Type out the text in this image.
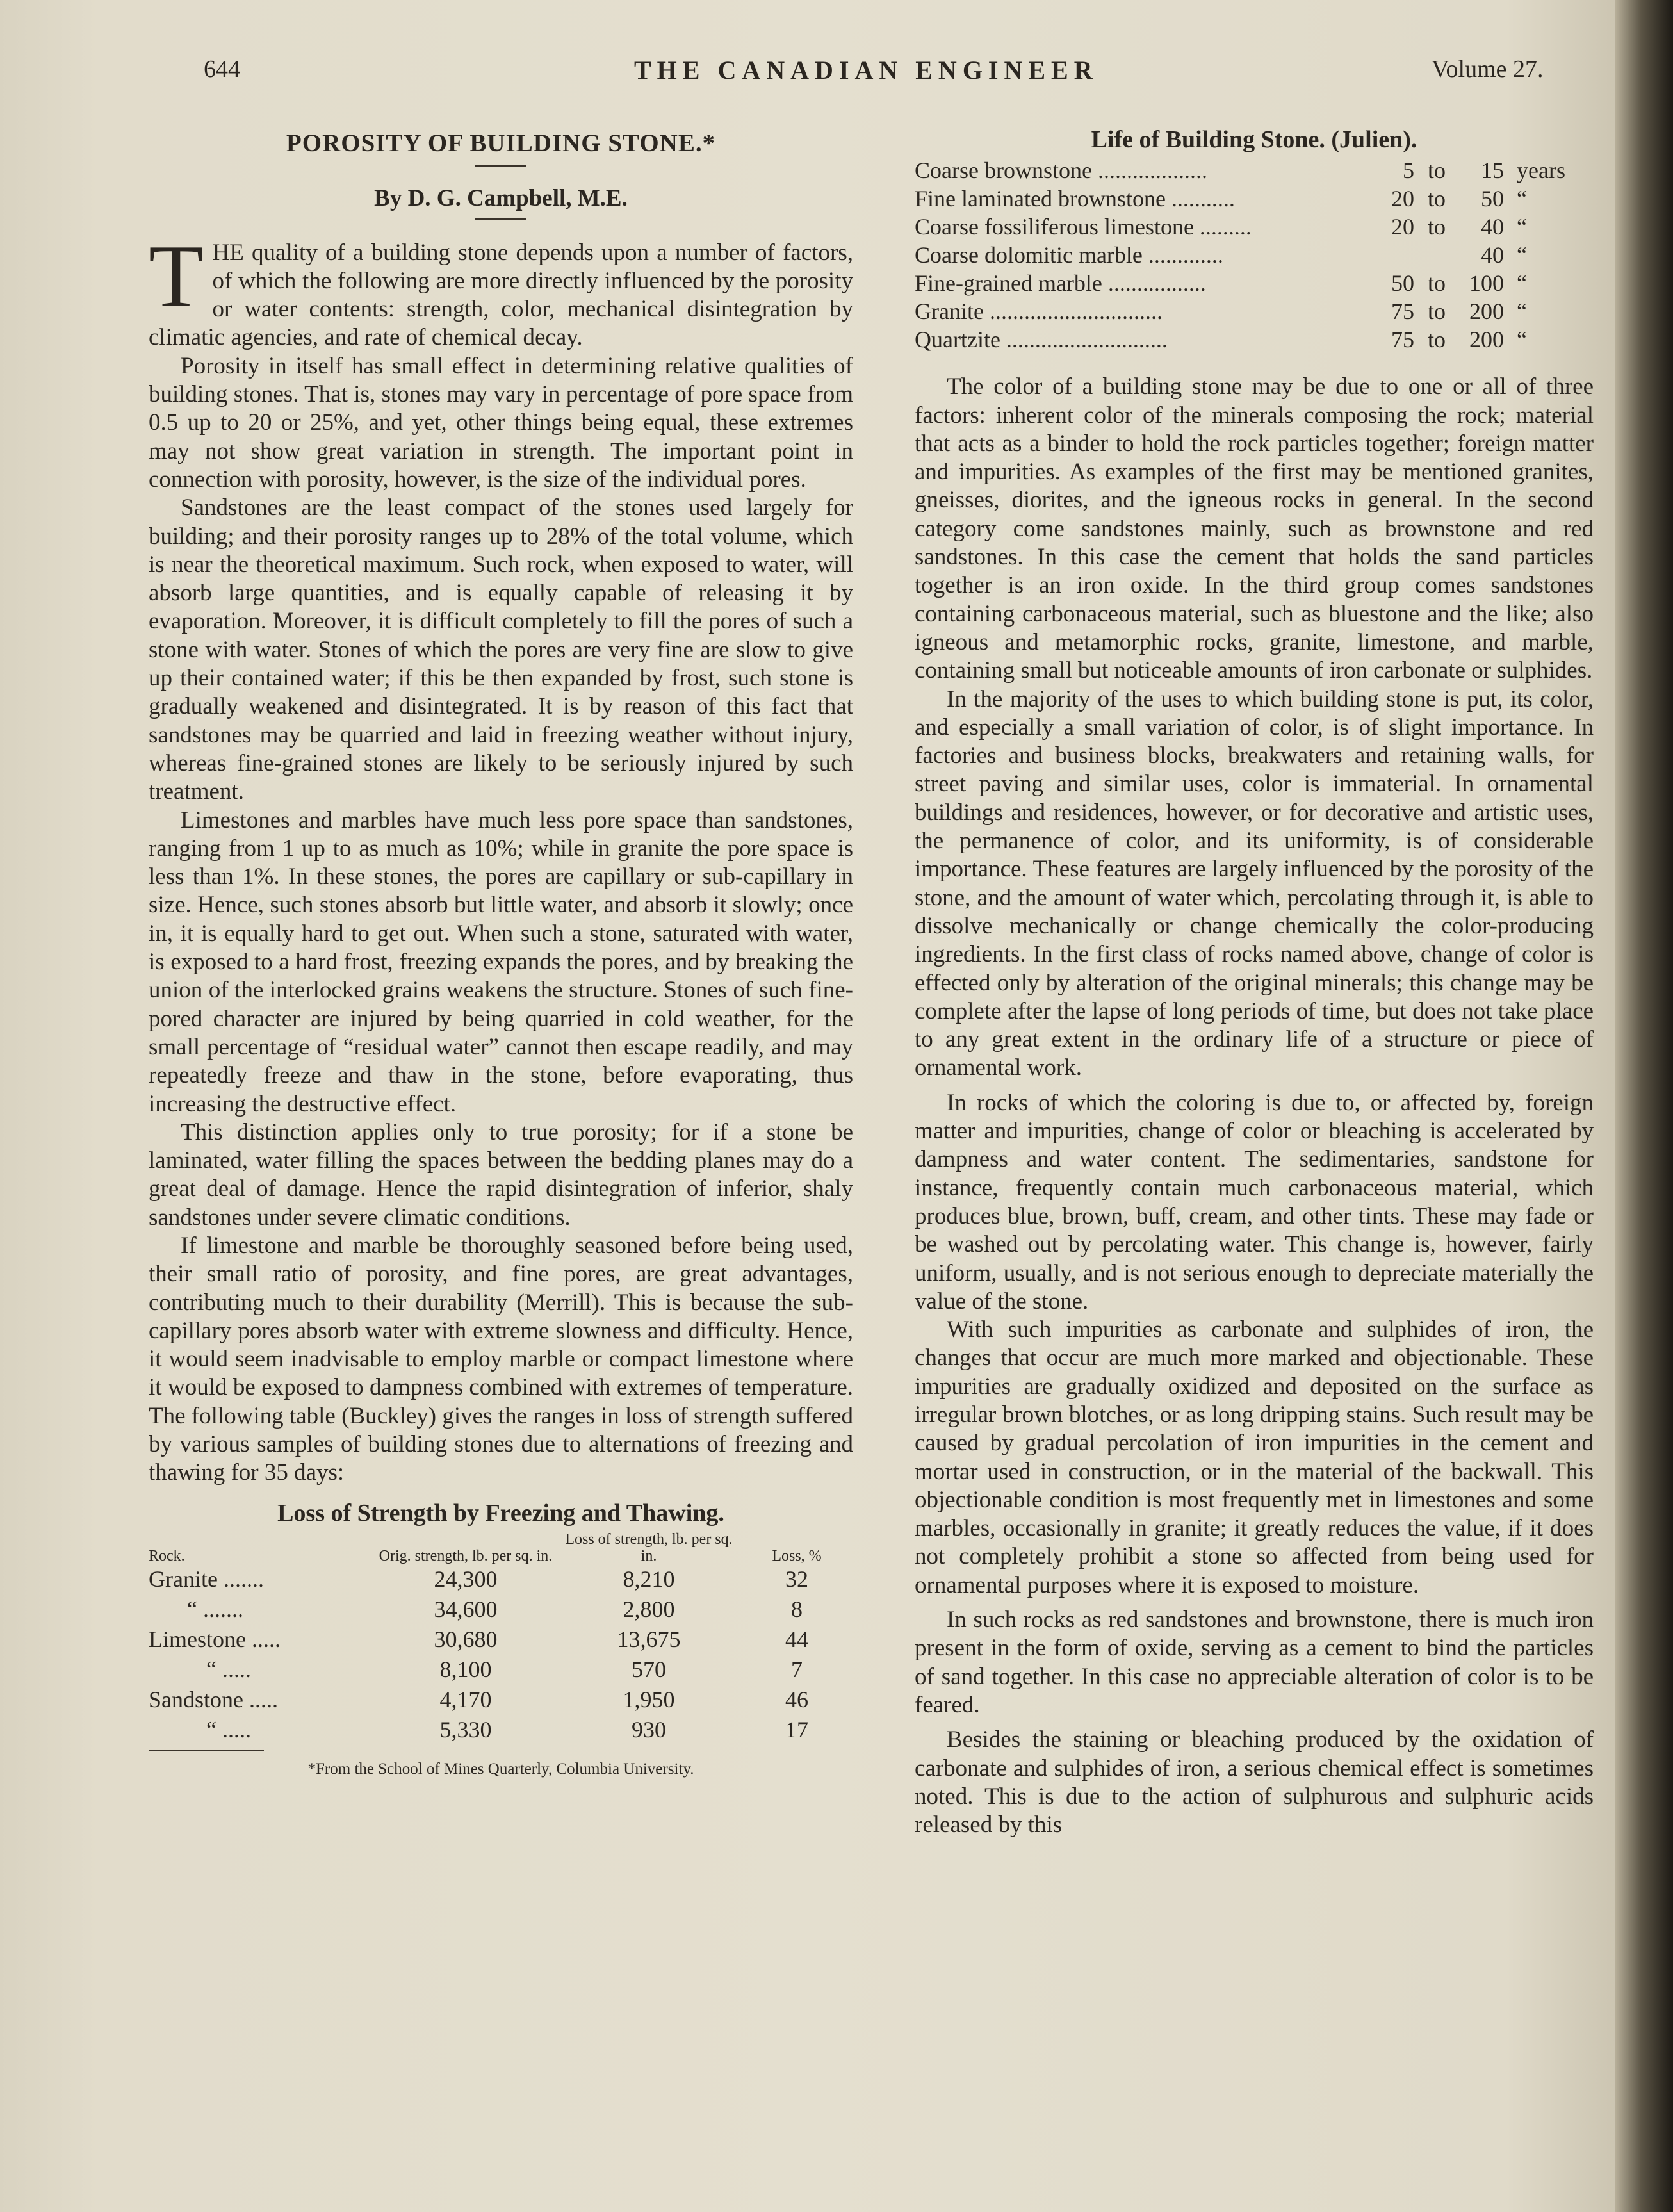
644	THE CANADIAN ENGINEER	Volume 27.
POROSITY OF BUILDING STONE.*
By D. G. Campbell, M.E.

THE quality of a building stone depends upon a number of factors, of which the following are more directly influenced by the porosity or water contents: strength, color, mechanical disintegration by climatic agencies, and rate of chemical decay.

Porosity in itself has small effect in determining relative qualities of building stones. That is, stones may vary in percentage of pore space from 0.5 up to 20 or 25%, and yet, other things being equal, these extremes may not show great variation in strength. The important point in connection with porosity, however, is the size of the individual pores.

Sandstones are the least compact of the stones used largely for building; and their porosity ranges up to 28% of the total volume, which is near the theoretical maximum. Such rock, when exposed to water, will absorb large quantities, and is equally capable of releasing it by evaporation. Moreover, it is difficult completely to fill the pores of such a stone with water. Stones of which the pores are very fine are slow to give up their contained water; if this be then expanded by frost, such stone is gradually weakened and disintegrated. It is by reason of this fact that sandstones may be quarried and laid in freezing weather without injury, whereas fine-grained stones are likely to be seriously injured by such treatment.

Limestones and marbles have much less pore space than sandstones, ranging from 1 up to as much as 10%; while in granite the pore space is less than 1%. In these stones, the pores are capillary or sub-capillary in size. Hence, such stones absorb but little water, and absorb it slowly; once in, it is equally hard to get out. When such a stone, saturated with water, is exposed to a hard frost, freezing expands the pores, and by breaking the union of the interlocked grains weakens the structure. Stones of such fine-pored character are injured by being quarried in cold weather, for the small percentage of “residual water” cannot then escape readily, and may repeatedly freeze and thaw in the stone, before evaporating, thus increasing the destructive effect.

This distinction applies only to true porosity; for if a stone be laminated, water filling the spaces between the bedding planes may do a great deal of damage. Hence the rapid disintegration of inferior, shaly sandstones under severe climatic conditions.

If limestone and marble be thoroughly seasoned before being used, their small ratio of porosity, and fine pores, are great advantages, contributing much to their durability (Merrill). This is because the sub-capillary pores absorb water with extreme slowness and difficulty. Hence, it would seem inadvisable to employ marble or compact limestone where it would be exposed to dampness combined with extremes of temperature. The following table (Buckley) gives the ranges in loss of strength suffered by various samples of building stones due to alternations of freezing and thawing for 35 days:

Loss of Strength by Freezing and Thawing.
Rock.	Orig. strength, lb. per sq. in.	Loss of strength, lb. per sq. in.	Loss, %
Granite .......	24,300	8,210	32
“ .......	34,600	2,800	8
Limestone .....	30,680	13,675	44
“ .....	8,100	570	7
Sandstone .....	4,170	1,950	46
“ .....	5,330	930	17
*From the School of Mines Quarterly, Columbia University.
Life of Building Stone. (Julien).
Coarse brownstone ...................	5	to	15	years
Fine laminated brownstone ...........	20	to	50	“
Coarse fossiliferous limestone .........	20	to	40	“
Coarse dolomitic marble .............			40	“
Fine-grained marble .................	50	to	100	“
Granite ..............................	75	to	200	“
Quartzite ............................	75	to	200	“

The color of a building stone may be due to one or all of three factors: inherent color of the minerals composing the rock; material that acts as a binder to hold the rock particles together; foreign matter and impurities. As examples of the first may be mentioned granites, gneisses, diorites, and the igneous rocks in general. In the second category come sandstones mainly, such as brownstone and red sandstones. In this case the cement that holds the sand particles together is an iron oxide. In the third group comes sandstones containing carbonaceous material, such as bluestone and the like; also igneous and metamorphic rocks, granite, limestone, and marble, containing small but noticeable amounts of iron carbonate or sulphides.

In the majority of the uses to which building stone is put, its color, and especially a small variation of color, is of slight importance. In factories and business blocks, breakwaters and retaining walls, for street paving and similar uses, color is immaterial. In ornamental buildings and residences, however, or for decorative and artistic uses, the permanence of color, and its uniformity, is of considerable importance. These features are largely influenced by the porosity of the stone, and the amount of water which, percolating through it, is able to dissolve mechanically or change chemically the color-producing ingredients. In the first class of rocks named above, change of color is effected only by alteration of the original minerals; this change may be complete after the lapse of long periods of time, but does not take place to any great extent in the ordinary life of a structure or piece of ornamental work.

In rocks of which the coloring is due to, or affected by, foreign matter and impurities, change of color or bleaching is accelerated by dampness and water content. The sedimentaries, sandstone for instance, frequently contain much carbonaceous material, which produces blue, brown, buff, cream, and other tints. These may fade or be washed out by percolating water. This change is, however, fairly uniform, usually, and is not serious enough to depreciate materially the value of the stone.

With such impurities as carbonate and sulphides of iron, the changes that occur are much more marked and objectionable. These impurities are gradually oxidized and deposited on the surface as irregular brown blotches, or as long dripping stains. Such result may be caused by gradual percolation of iron impurities in the cement and mortar used in construction, or in the material of the backwall. This objectionable condition is most frequently met in limestones and some marbles, occasionally in granite; it greatly reduces the value, if it does not completely prohibit a stone so affected from being used for ornamental purposes where it is exposed to moisture.

In such rocks as red sandstones and brownstone, there is much iron present in the form of oxide, serving as a cement to bind the particles of sand together. In this case no appreciable alteration of color is to be feared.

Besides the staining or bleaching produced by the oxidation of carbonate and sulphides of iron, a serious chemical effect is sometimes noted. This is due to the action of sulphurous and sulphuric acids released by this
